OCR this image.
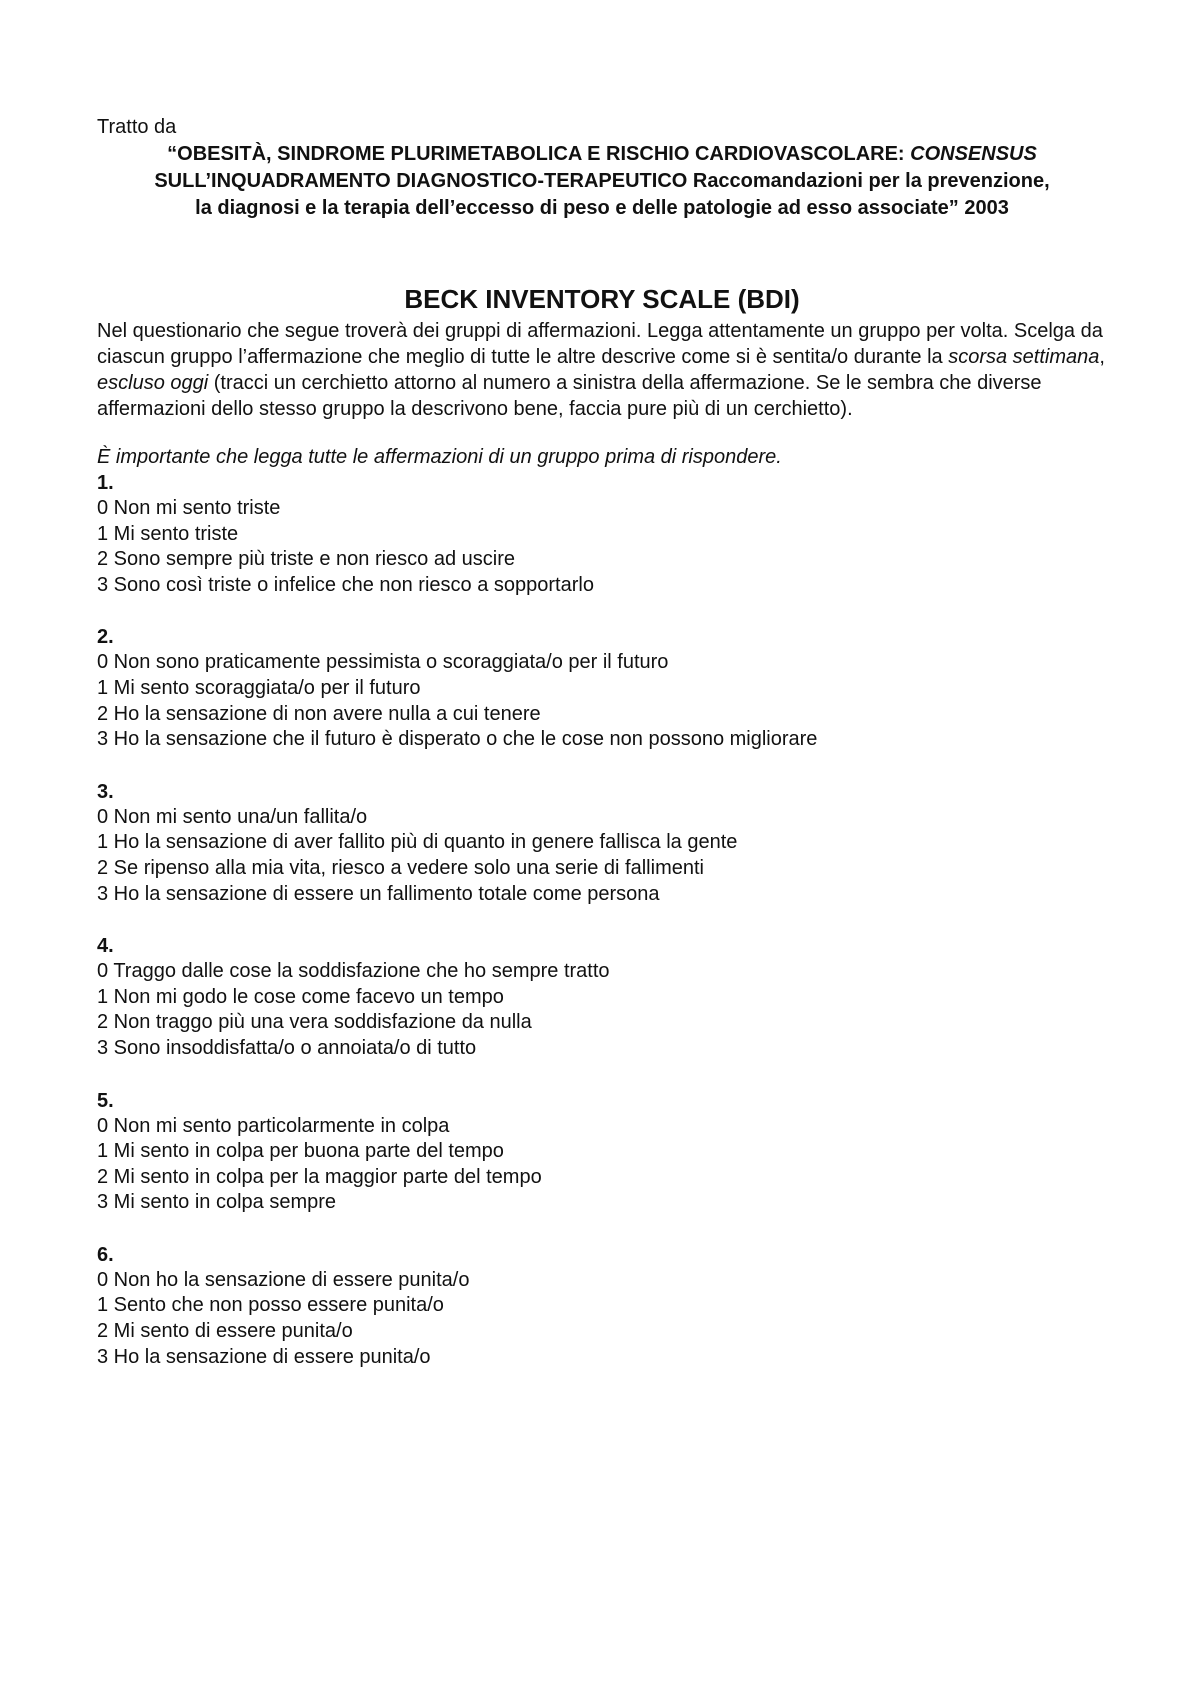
Tratto da

“OBESITÀ, SINDROME PLURIMETABOLICA E RISCHIO CARDIOVASCOLARE: CONSENSUS

SULL’INQUADRAMENTO DIAGNOSTICO-TERAPEUTICO Raccomandazioni per la prevenzione,

la diagnosi e la terapia dell’eccesso di peso e delle patologie ad esso associate” 2003

BECK INVENTORY SCALE (BDI)

Nel questionario che segue troverà dei gruppi di affermazioni. Legga attentamente un gruppo per volta. Scelga da ciascun gruppo l’affermazione che meglio di tutte le altre descrive come si è sentita/o durante la scorsa settimana, escluso oggi (tracci un cerchietto attorno al numero a sinistra della affermazione. Se le sembra che diverse affermazioni dello stesso gruppo la descrivono bene, faccia pure più di un cerchietto).

È importante che legga tutte le affermazioni di un gruppo prima di rispondere.

1.

0 Non mi sento triste

1 Mi sento triste

2 Sono sempre più triste e non riesco ad uscire

3 Sono così triste o infelice che non riesco a sopportarlo

2.

0 Non sono praticamente pessimista o scoraggiata/o per il futuro

1 Mi sento scoraggiata/o per il futuro

2 Ho la sensazione di non avere nulla a cui tenere

3 Ho la sensazione che il futuro è disperato o che le cose non possono migliorare

3.

0 Non mi sento una/un fallita/o

1 Ho la sensazione di aver fallito più di quanto in genere fallisca la gente

2 Se ripenso alla mia vita, riesco a vedere solo una serie di fallimenti

3 Ho la sensazione di essere un fallimento totale come persona

4.

0 Traggo dalle cose la soddisfazione che ho sempre tratto

1 Non mi godo le cose come facevo un tempo

2 Non traggo più una vera soddisfazione da nulla

3 Sono insoddisfatta/o o annoiata/o di tutto

5.

0 Non mi sento particolarmente in colpa

1 Mi sento in colpa per buona parte del tempo

2 Mi sento in colpa per la maggior parte del tempo

3 Mi sento in colpa sempre

6.

0 Non ho la sensazione di essere punita/o

1 Sento che non posso essere punita/o

2 Mi sento di essere punita/o

3 Ho la sensazione di essere punita/o
